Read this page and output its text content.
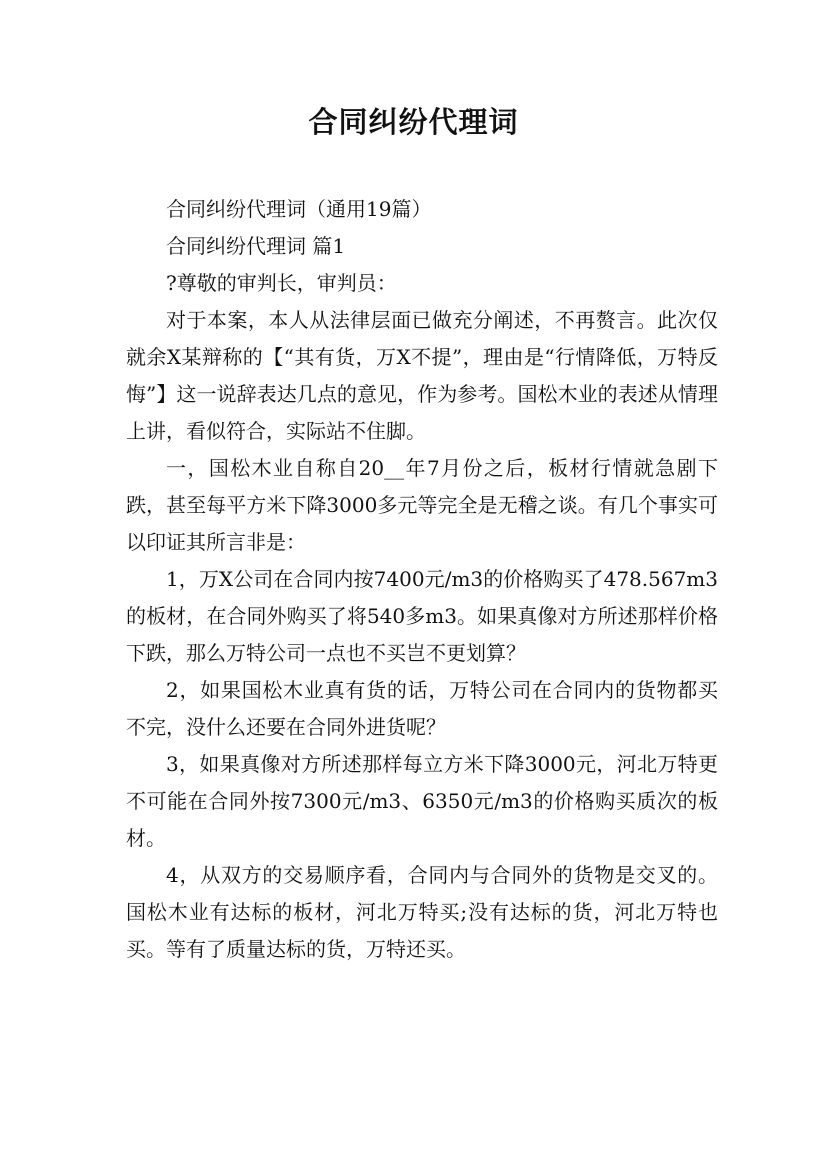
合同纠纷代理词

合同纠纷代理词（通用19篇）

合同纠纷代理词 篇1

?尊敬的审判长，审判员：

对于本案，本人从法律层面已做充分阐述，不再赘言。此次仅就余X某辩称的【“其有货，万X不提”，理由是“行情降低，万特反悔”】这一说辞表达几点的意见，作为参考。国松木业的表述从情理上讲，看似符合，实际站不住脚。

一，国松木业自称自20__年7月份之后，板材行情就急剧下跌，甚至每平方米下降3000多元等完全是无稽之谈。有几个事实可以印证其所言非是：

1，万X公司在合同内按7400元/m3的价格购买了478.567m3的板材，在合同外购买了将540多m3。如果真像对方所述那样价格下跌，那么万特公司一点也不买岂不更划算？

2，如果国松木业真有货的话，万特公司在合同内的货物都买不完，没什么还要在合同外进货呢？

3，如果真像对方所述那样每立方米下降3000元，河北万特更不可能在合同外按7300元/m3、6350元/m3的价格购买质次的板材。

4，从双方的交易顺序看，合同内与合同外的货物是交叉的。国松木业有达标的板材，河北万特买;没有达标的货，河北万特也买。等有了质量达标的货，万特还买。
